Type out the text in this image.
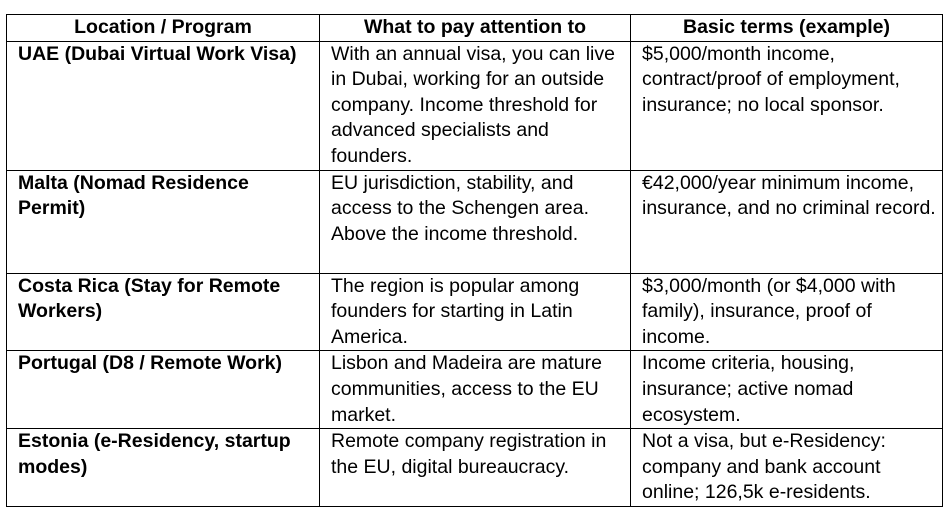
Location / Program	What to pay attention to	Basic terms (example)
UAE (Dubai Virtual Work Visa)	With an annual visa, you can live in Dubai, working for an outside company. Income threshold for advanced specialists and founders.	$5,000/month income, contract/proof of employment, insurance; no local sponsor.
Malta (Nomad Residence Permit)	EU jurisdiction, stability, and access to the Schengen area. Above the income threshold.	€42,000/year minimum income, insurance, and no criminal record.
Costa Rica (Stay for Remote Workers)	The region is popular among founders for starting in Latin America.	$3,000/month (or $4,000 with family), insurance, proof of income.
Portugal (D8 / Remote Work)	Lisbon and Madeira are mature communities, access to the EU market.	Income criteria, housing, insurance; active nomad ecosystem.
Estonia (e-Residency, startup modes)	Remote company registration in the EU, digital bureaucracy.	Not a visa, but e-Residency: company and bank account online; 126,5k e-residents.
